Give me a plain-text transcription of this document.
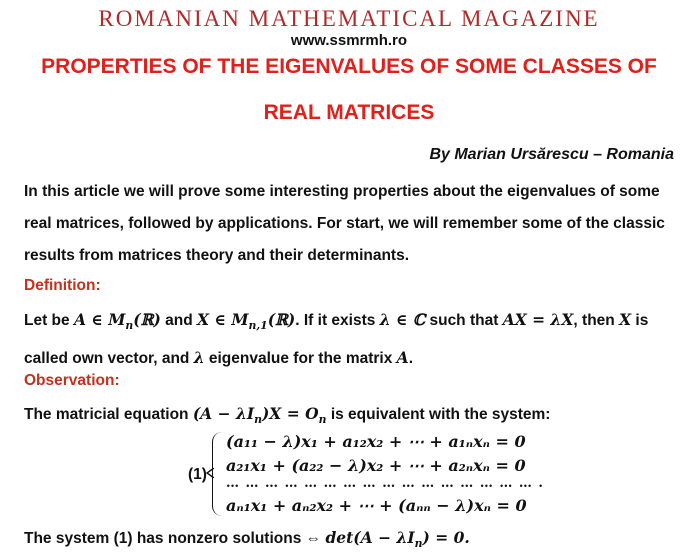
ROMANIAN MATHEMATICAL MAGAZINE
www.ssmrmh.ro
PROPERTIES OF THE EIGENVALUES OF SOME CLASSES OF
REAL MATRICES
By Marian Ursărescu – Romania
In this article we will prove some interesting properties about the eigenvalues of some real matrices, followed by applications. For start, we will remember some of the classic results from matrices theory and their determinants.
Definition:
Let be A ∈ $M_n(ℝ)$ and X ∈ $M_{n,1}(ℝ)$. If it exists λ ∈ ℂ such that AX = λX, then X is called own vector, and λ eigenvalue for the matrix A.
Observation:
The matricial equation $(A - \lambda I_n)X = O_n$ is equivalent with the system:
(1)
(a₁₁ − λ)x₁ + a₁₂x₂ + ⋯ + a₁ₙxₙ = 0
a₂₁x₁ + (a₂₂ − λ)x₂ + ⋯ + a₂ₙxₙ = 0
… … … … … … … … … … … … … … … … .
aₙ₁x₁ + aₙ₂x₂ + ⋯ + (aₙₙ − λ)xₙ = 0
The system (1) has nonzero solutions ⇔ $\det(A - \lambda I_n) = 0$.
